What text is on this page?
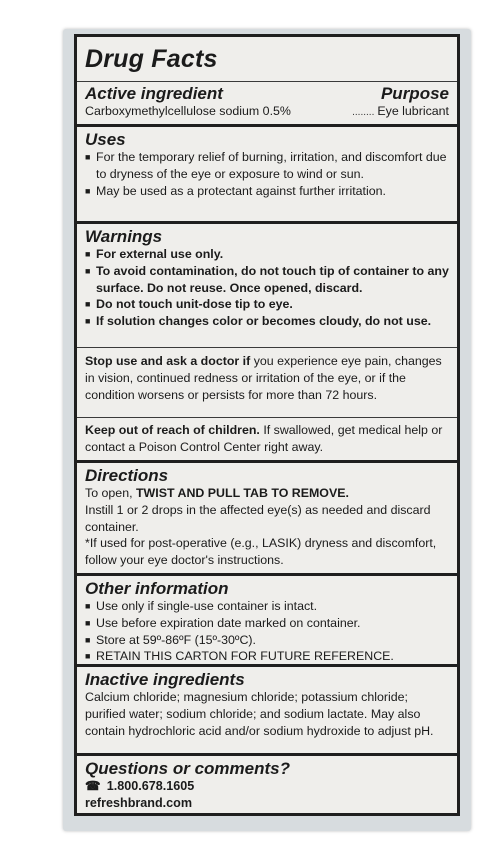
Drug Facts
Active ingredient	Purpose
Carboxymethylcellulose sodium 0.5%	........ Eye lubricant
Uses
■ For the temporary relief of burning, irritation, and discomfort due to dryness of the eye or exposure to wind or sun.
■ May be used as a protectant against further irritation.
Warnings
■ For external use only.
■ To avoid contamination, do not touch tip of container to any surface. Do not reuse. Once opened, discard.
■ Do not touch unit-dose tip to eye.
■ If solution changes color or becomes cloudy, do not use.
Stop use and ask a doctor if you experience eye pain, changes in vision, continued redness or irritation of the eye, or if the condition worsens or persists for more than 72 hours.
Keep out of reach of children. If swallowed, get medical help or contact a Poison Control Center right away.
Directions
To open, TWIST AND PULL TAB TO REMOVE.
Instill 1 or 2 drops in the affected eye(s) as needed and discard container.
*If used for post-operative (e.g., LASIK) dryness and discomfort, follow your eye doctor's instructions.
Other information
■ Use only if single-use container is intact.
■ Use before expiration date marked on container.
■ Store at 59º-86ºF (15º-30ºC).
■ RETAIN THIS CARTON FOR FUTURE REFERENCE.
Inactive ingredients
Calcium chloride; magnesium chloride; potassium chloride; purified water; sodium chloride; and sodium lactate. May also contain hydrochloric acid and/or sodium hydroxide to adjust pH.
Questions or comments?
☎ 1.800.678.1605
refreshbrand.com
